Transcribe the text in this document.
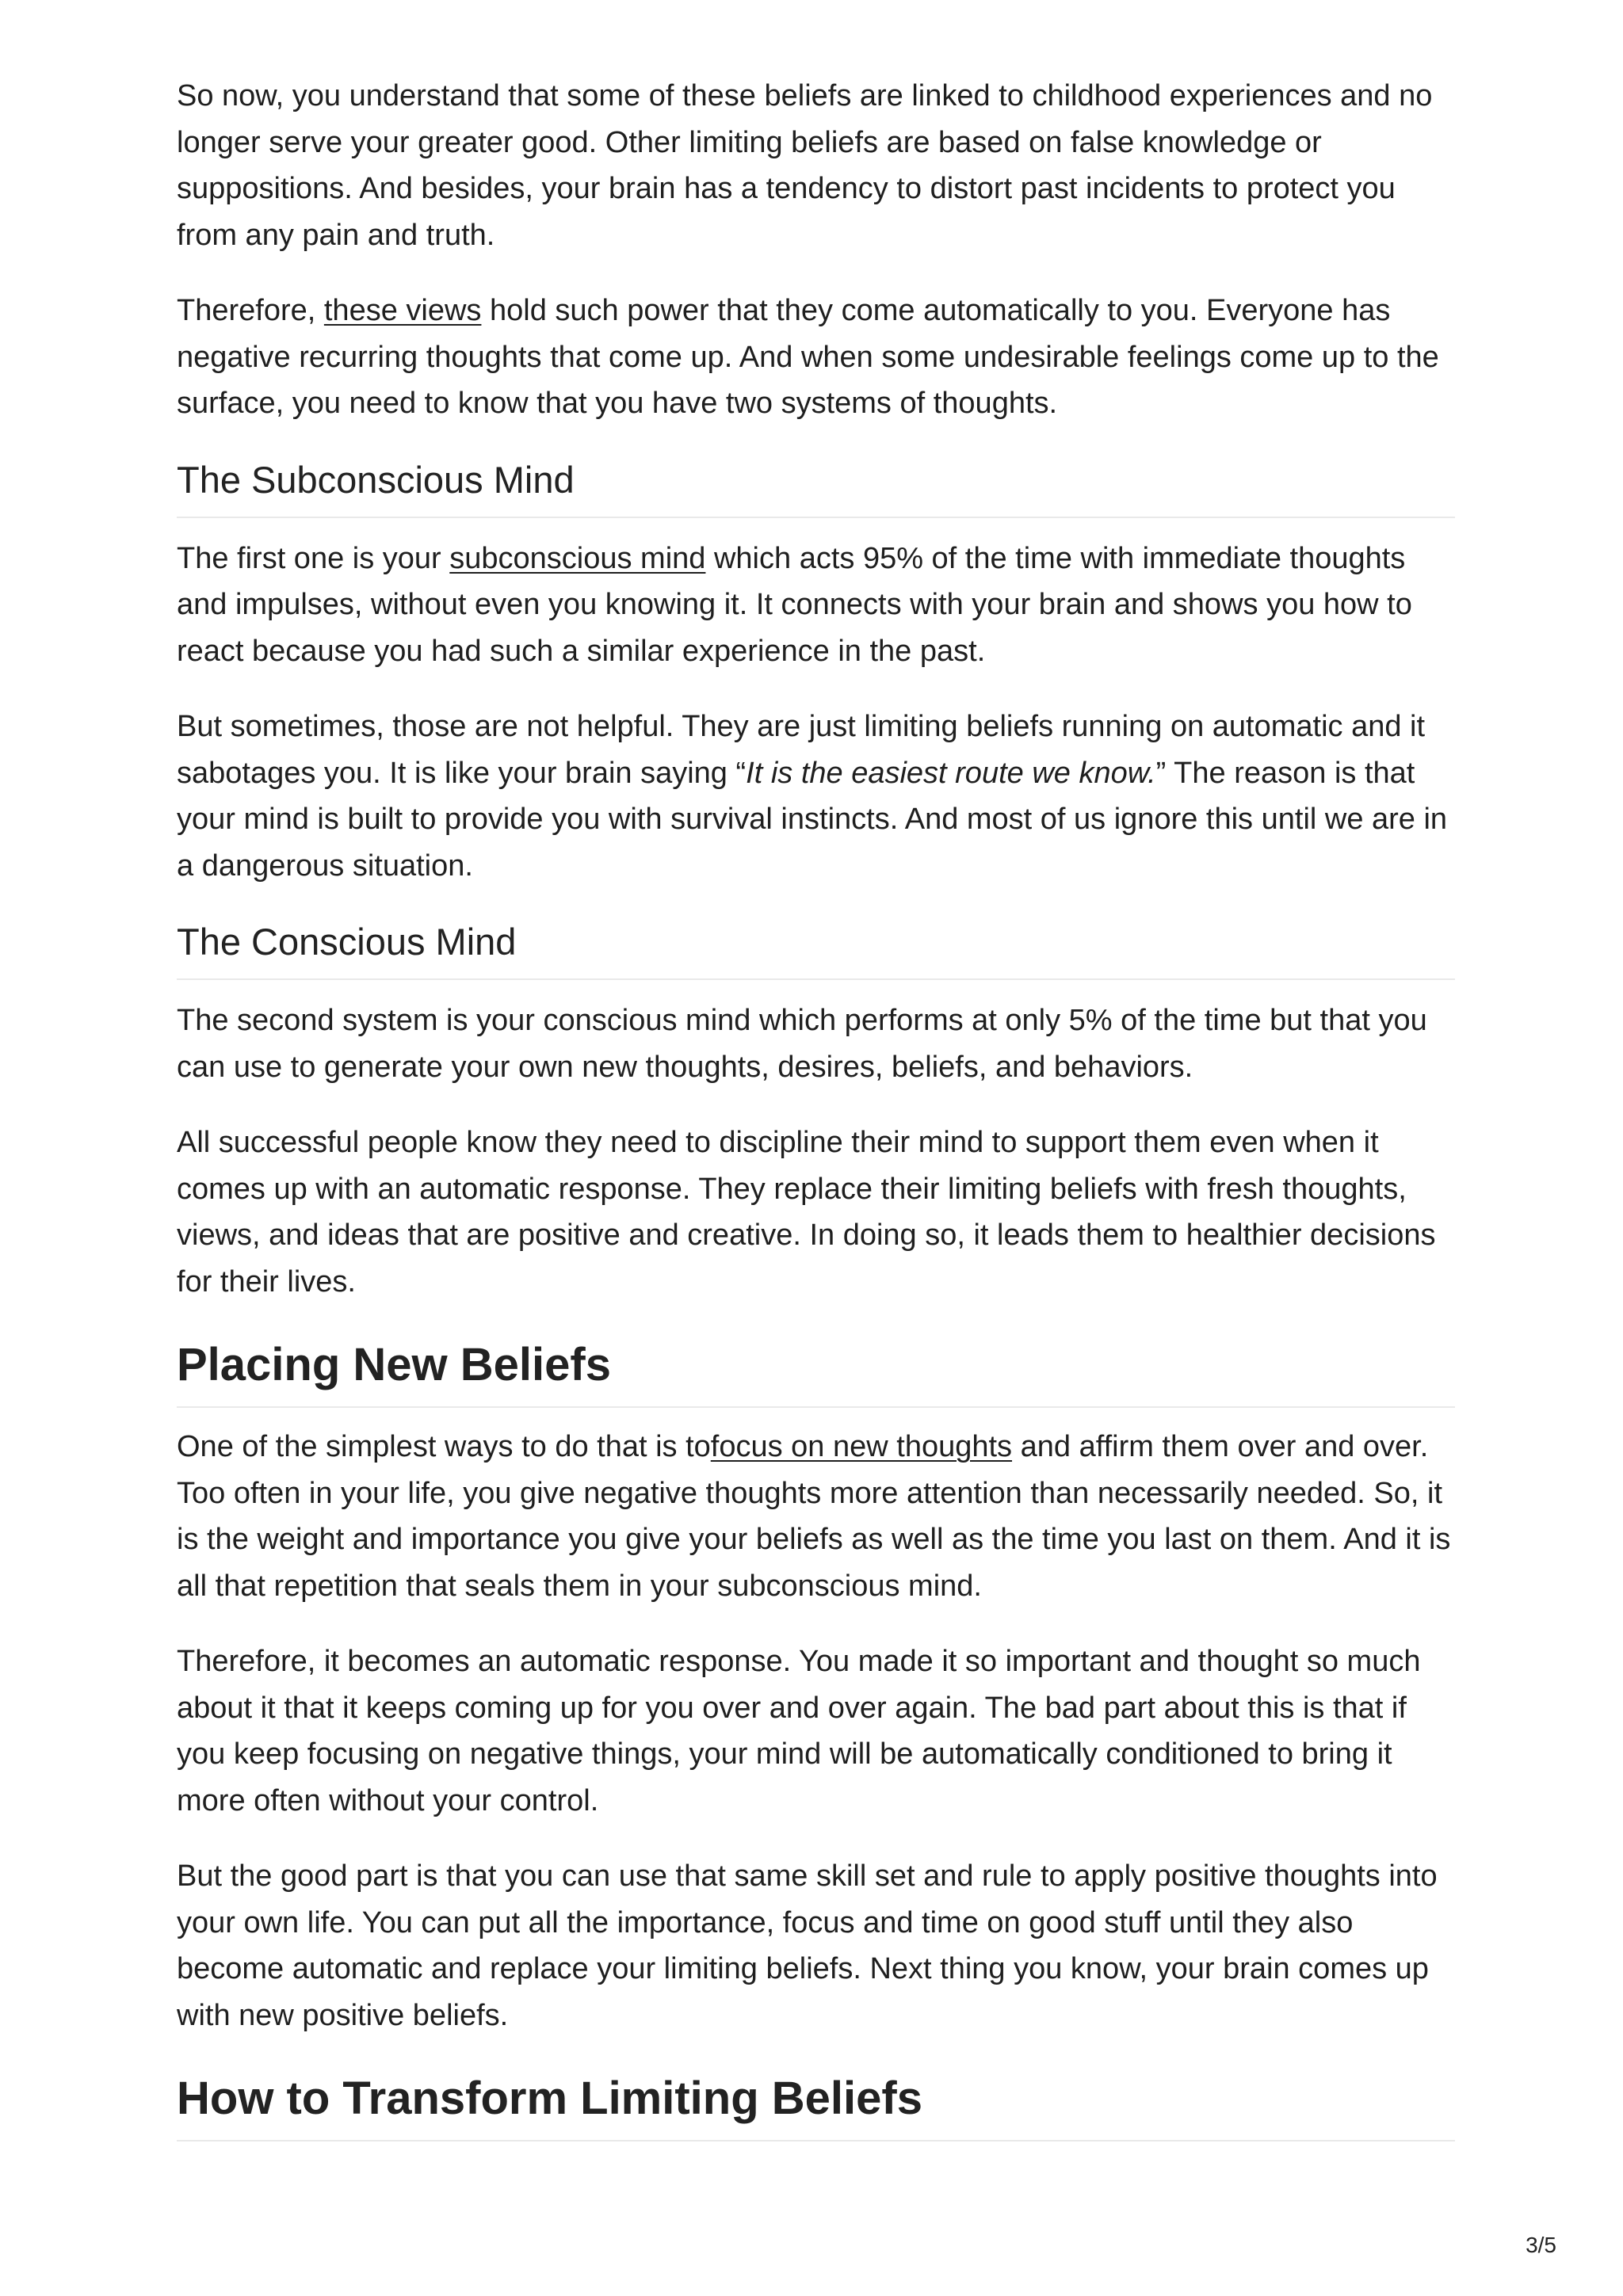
So now, you understand that some of these beliefs are linked to childhood experiences and no longer serve your greater good. Other limiting beliefs are based on false knowledge or suppositions. And besides, your brain has a tendency to distort past incidents to protect you from any pain and truth.

Therefore, these views hold such power that they come automatically to you. Everyone has negative recurring thoughts that come up. And when some undesirable feelings come up to the surface, you need to know that you have two systems of thoughts.

The Subconscious Mind

The first one is your subconscious mind which acts 95% of the time with immediate thoughts and impulses, without even you knowing it. It connects with your brain and shows you how to react because you had such a similar experience in the past.

But sometimes, those are not helpful. They are just limiting beliefs running on automatic and it sabotages you. It is like your brain saying “It is the easiest route we know.” The reason is that your mind is built to provide you with survival instincts. And most of us ignore this until we are in a dangerous situation.

The Conscious Mind

The second system is your conscious mind which performs at only 5% of the time but that you can use to generate your own new thoughts, desires, beliefs, and behaviors.

All successful people know they need to discipline their mind to support them even when it comes up with an automatic response. They replace their limiting beliefs with fresh thoughts, views, and ideas that are positive and creative. In doing so, it leads them to healthier decisions for their lives.

Placing New Beliefs

One of the simplest ways to do that is tofocus on new thoughts and affirm them over and over. Too often in your life, you give negative thoughts more attention than necessarily needed. So, it is the weight and importance you give your beliefs as well as the time you last on them. And it is all that repetition that seals them in your subconscious mind.

Therefore, it becomes an automatic response. You made it so important and thought so much about it that it keeps coming up for you over and over again. The bad part about this is that if you keep focusing on negative things, your mind will be automatically conditioned to bring it more often without your control.

But the good part is that you can use that same skill set and rule to apply positive thoughts into your own life. You can put all the importance, focus and time on good stuff until they also become automatic and replace your limiting beliefs. Next thing you know, your brain comes up with new positive beliefs.

How to Transform Limiting Beliefs
3/5
